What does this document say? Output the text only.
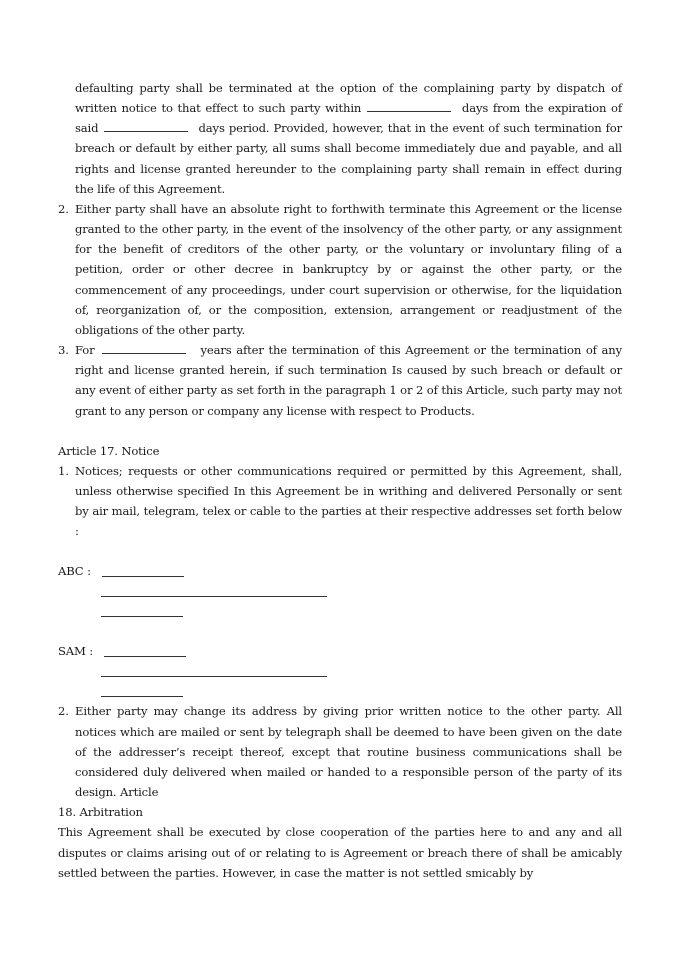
defaulting party shall be terminated at the option of the complaining party by dispatch of written notice to that effect to such party within	days from the expiration of said	days period. Provided, however, that in the event of such termination for breach or default by either party, all sums shall become immediately due and payable, and all rights and license granted hereunder to the complaining party shall remain in effect during the life of this Agreement.

2. Either party shall have an absolute right to forthwith terminate this Agreement or the license granted to the other party, in the event of the insolvency of the other party, or any assignment for the benefit of creditors of the other party, or the voluntary or involuntary filing of a petition, order or other decree in bankruptcy by or against the other party, or the commencement of any proceedings, under court supervision or otherwise, for the liquidation of, reorganization of, or the composition, extension, arrangement or readjustment of the obligations of the other party.
3. For	years after the termination of this Agreement or the termination of any right and license granted herein, if such termination Is caused by such breach or default or any event of either party as set forth in the paragraph 1 or 2 of this Article, such party may not grant to any person or company any license with respect to Products.

Article 17. Notice

1. Notices; requests or other communications required or permitted by this Agreement, shall, unless otherwise specified In this Agreement be in writhing and delivered Personally or sent by air mail, telegram, telex or cable to the parties at their respective addresses set forth below :
ABC :
SAM :
2. Either party may change its address by giving prior written notice to the other party. All notices which are mailed or sent by telegraph shall be deemed to have been given on the date of the addresser’s receipt thereof, except that routine business communications shall be considered duly delivered when mailed or handed to a responsible person of the party of its design. Article

18. Arbitration

This Agreement shall be executed by close cooperation of the parties here to and any and all disputes or claims arising out of or relating to is Agreement or breach there of shall be amicably settled between the parties. However, in case the matter is not settled smicably by
